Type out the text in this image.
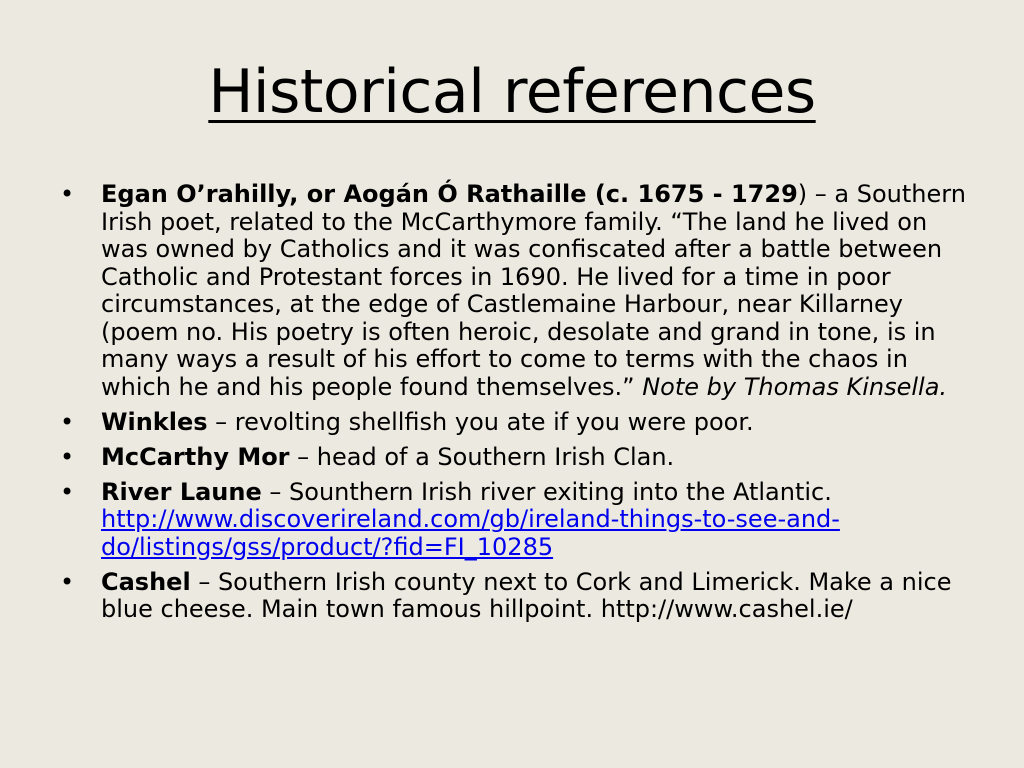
Historical references
• Egan O’rahilly, or Aogán Ó Rathaille (c. 1675 - 1729) – a Southern Irish poet, related to the McCarthymore family. “The land he lived on was owned by Catholics and it was confiscated after a battle between Catholic and Protestant forces in 1690. He lived for a time in poor circumstances, at the edge of Castlemaine Harbour, near Killarney (poem no. His poetry is often heroic, desolate and grand in tone, is in many ways a result of his effort to come to terms with the chaos in which he and his people found themselves.” Note by Thomas Kinsella.
• Winkles – revolting shellfish you ate if you were poor.
• McCarthy Mor – head of a Southern Irish Clan.
• River Laune – Sounthern Irish river exiting into the Atlantic. http://www.discoverireland.com/gb/ireland-things-to-see-and-do/listings/gss/product/?fid=FI_10285
• Cashel – Southern Irish county next to Cork and Limerick. Make a nice blue cheese. Main town famous hillpoint. http://www.cashel.ie/
